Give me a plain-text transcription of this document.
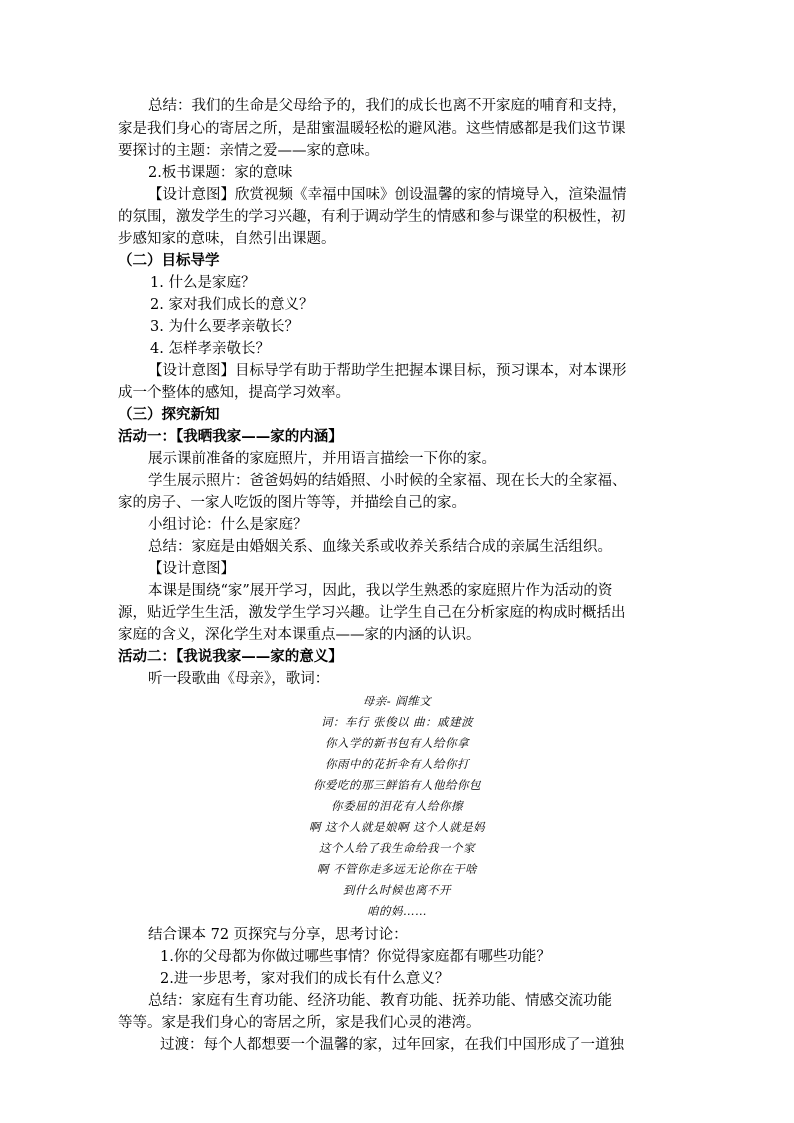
总结：我们的生命是父母给予的，我们的成长也离不开家庭的哺育和支持，
家是我们身心的寄居之所，是甜蜜温暖轻松的避风港。这些情感都是我们这节课
要探讨的主题：亲情之爱——家的意味。
2.板书课题：家的意味
【设计意图】欣赏视频《幸福中国味》创设温馨的家的情境导入，渲染温情
的氛围，激发学生的学习兴趣，有利于调动学生的情感和参与课堂的积极性，初
步感知家的意味，自然引出课题。
（二）目标导学
1. 什么是家庭？
2. 家对我们成长的意义？
3. 为什么要孝亲敬长？
4. 怎样孝亲敬长？
【设计意图】目标导学有助于帮助学生把握本课目标，预习课本，对本课形
成一个整体的感知，提高学习效率。
（三）探究新知
活动一：【我晒我家——家的内涵】
展示课前准备的家庭照片，并用语言描绘一下你的家。
学生展示照片：爸爸妈妈的结婚照、小时候的全家福、现在长大的全家福、
家的房子、一家人吃饭的图片等等，并描绘自己的家。
小组讨论：什么是家庭？
总结：家庭是由婚姻关系、血缘关系或收养关系结合成的亲属生活组织。
【设计意图】
本课是围绕“家”展开学习，因此，我以学生熟悉的家庭照片作为活动的资
源，贴近学生生活，激发学生学习兴趣。让学生自己在分析家庭的构成时概括出
家庭的含义，深化学生对本课重点——家的内涵的认识。
活动二：【我说我家——家的意义】
听一段歌曲《母亲》，歌词：
母亲- 阎维文
词：车行 张俊以 曲：戚建波
你入学的新书包有人给你拿
你雨中的花折伞有人给你打
你爱吃的那三鲜馅有人他给你包
你委屈的泪花有人给你擦
啊 这个人就是娘啊 这个人就是妈
这个人给了我生命给我一个家
啊 不管你走多远无论你在干啥
到什么时候也离不开
咱的妈……
结合课本 72 页探究与分享，思考讨论：
1.你的父母都为你做过哪些事情？你觉得家庭都有哪些功能？
2.进一步思考，家对我们的成长有什么意义？
总结：家庭有生育功能、经济功能、教育功能、抚养功能、情感交流功能
等等。家是我们身心的寄居之所，家是我们心灵的港湾。
过渡：每个人都想要一个温馨的家，过年回家，在我们中国形成了一道独
